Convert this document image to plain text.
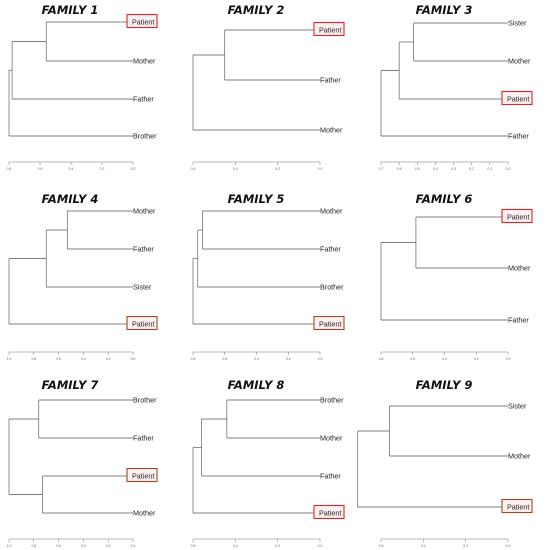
FAMILY 1
Patient
Mother
Father
Brother
0.8	0.6	0.4	0.2	0.0
FAMILY 2
Patient
Father
Mother
0.6	0.4	0.2	0.0
FAMILY 3
Sister
Mother
Patient
Father
0.7	0.6	0.5	0.4	0.3	0.2	0.1	0.0
FAMILY 4
Mother
Father
Sister
Patient
1.0	0.8	0.6	0.4	0.2	0.0
FAMILY 5
Mother
Father
Brother
Patient
0.8	0.6	0.4	0.2	0.0
FAMILY 6
Patient
Mother
Father
0.8	0.6	0.4	0.2	0.0
FAMILY 7
Brother
Father
Patient
Mother
1.0	0.8	0.6	0.4	0.2	0.0
FAMILY 8
Brother
Mother
Father
Patient
0.6	0.4	0.2	0.0
FAMILY 9
Sister
Mother
Patient
0.6	0.4	0.2	0.0
